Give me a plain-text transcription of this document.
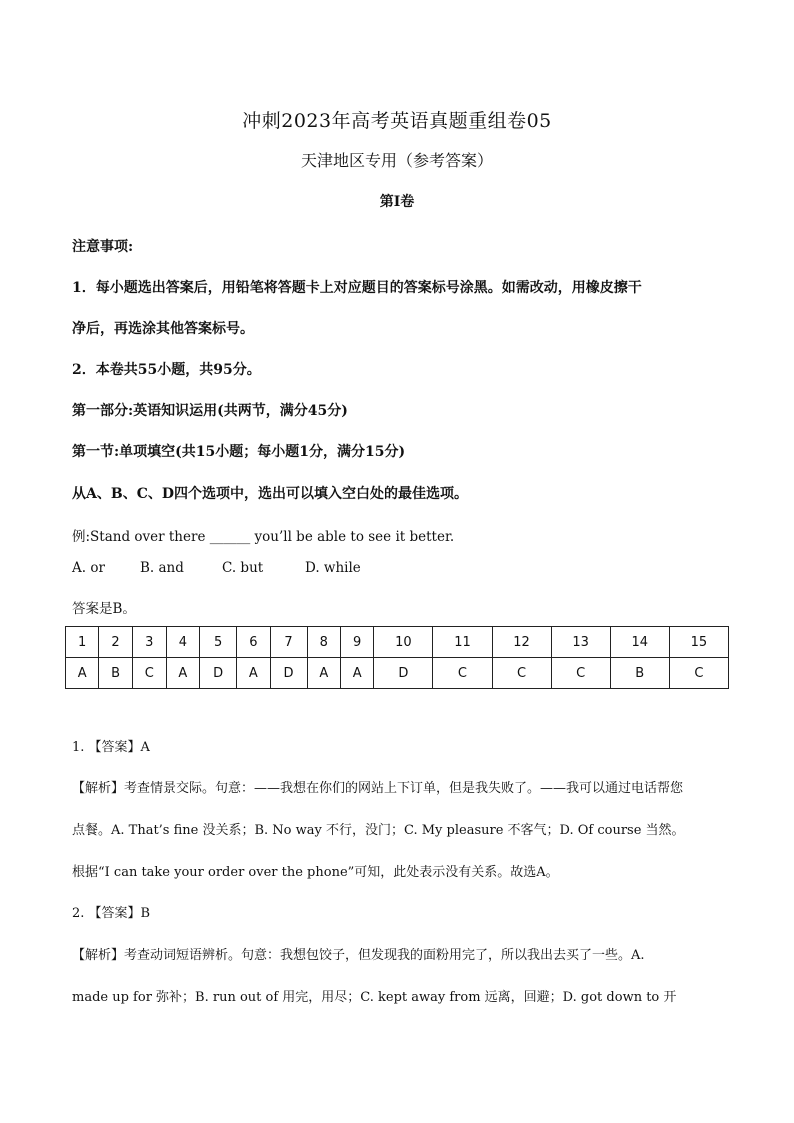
冲刺2023年高考英语真题重组卷05
天津地区专用（参考答案）
第I卷
注意事项:
1．每小题选出答案后，用铅笔将答题卡上对应题目的答案标号涂黑。如需改动，用橡皮擦干
净后，再选涂其他答案标号。
2．本卷共55小题，共95分。
第一部分:英语知识运用(共两节，满分45分)
第一节:单项填空(共15小题；每小题1分，满分15分)
从A、B、C、D四个选项中，选出可以填入空白处的最佳选项。
例:Stand over there ______ you’ll be able to see it better.
A. or	B. and	C. but	D. while
答案是B。
1	2	3	4	5	6	7	8	9	10	11	12	13	14	15
A	B	C	A	D	A	D	A	A	D	C	C	C	B	C
1. 【答案】A
【解析】考查情景交际。句意：——我想在你们的网站上下订单，但是我失败了。——我可以通过电话帮您
点餐。A. That’s fine 没关系；B. No way 不行，没门；C. My pleasure 不客气；D. Of course 当然。
根据“I can take your order over the phone”可知，此处表示没有关系。故选A。
2. 【答案】B
【解析】考查动词短语辨析。句意：我想包饺子，但发现我的面粉用完了，所以我出去买了一些。A.
made up for 弥补；B. run out of 用完，用尽；C. kept away from 远离，回避；D. got down to 开
